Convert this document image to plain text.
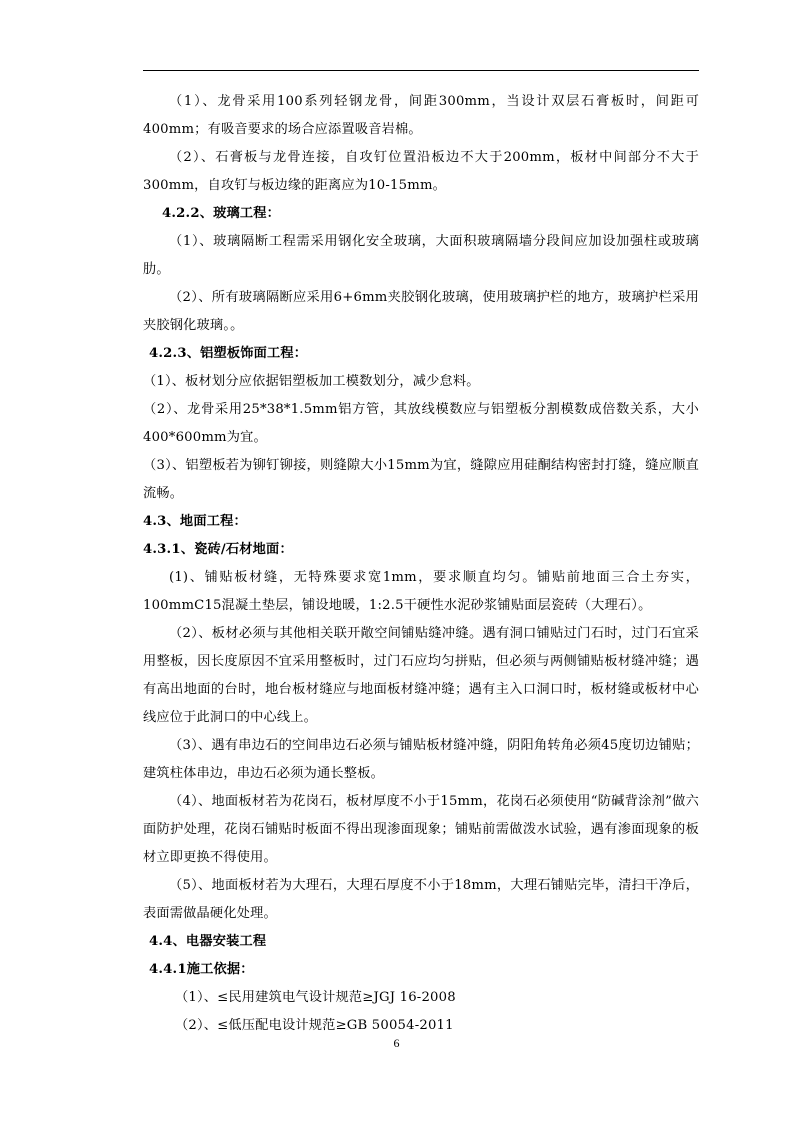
（1）、龙骨采用100系列轻钢龙骨，间距300mm，当设计双层石膏板时，间距可400mm；有吸音要求的场合应添置吸音岩棉。

（2）、石膏板与龙骨连接，自攻钉位置沿板边不大于200mm，板材中间部分不大于300mm，自攻钉与板边缘的距离应为10-15mm。

4.2.2、玻璃工程：

（1）、玻璃隔断工程需采用钢化安全玻璃，大面积玻璃隔墙分段间应加设加强柱或玻璃肋。

（2）、所有玻璃隔断应采用6+6mm夹胶钢化玻璃，使用玻璃护栏的地方，玻璃护栏采用夹胶钢化玻璃。。

4.2.3、铝塑板饰面工程：

（1）、板材划分应依据铝塑板加工模数划分，减少怠料。

（2）、龙骨采用25*38*1.5mm铝方管，其放线模数应与铝塑板分割模数成倍数关系，大小400*600mm为宜。

（3）、铝塑板若为铆钉铆接，则缝隙大小15mm为宜，缝隙应用硅酮结构密封打缝，缝应顺直流畅。

4.3、地面工程：

4.3.1、瓷砖/石材地面：

(1)、铺贴板材缝，无特殊要求宽1mm，要求顺直均匀。铺贴前地面三合土夯实，100mmC15混凝土垫层，铺设地暖，1:2.5干硬性水泥砂浆铺贴面层瓷砖（大理石）。

（2）、板材必须与其他相关联开敞空间铺贴缝冲缝。遇有洞口铺贴过门石时，过门石宜采用整板，因长度原因不宜采用整板时，过门石应均匀拼贴，但必须与两侧铺贴板材缝冲缝；遇有高出地面的台时，地台板材缝应与地面板材缝冲缝；遇有主入口洞口时，板材缝或板材中心线应位于此洞口的中心线上。

（3）、遇有串边石的空间串边石必须与铺贴板材缝冲缝，阴阳角转角必须45度切边铺贴；建筑柱体串边，串边石必须为通长整板。

（4）、地面板材若为花岗石，板材厚度不小于15mm，花岗石必须使用“防碱背涂剂”做六面防护处理，花岗石铺贴时板面不得出现渗面现象；铺贴前需做泼水试验，遇有渗面现象的板材立即更换不得使用。

（5）、地面板材若为大理石，大理石厚度不小于18mm，大理石铺贴完毕，清扫干净后，表面需做晶硬化处理。

4.4、电器安装工程

4.4.1施工依据：

（1）、≤民用建筑电气设计规范≥JGJ 16-2008

（2）、≤低压配电设计规范≥GB 50054-2011

6
